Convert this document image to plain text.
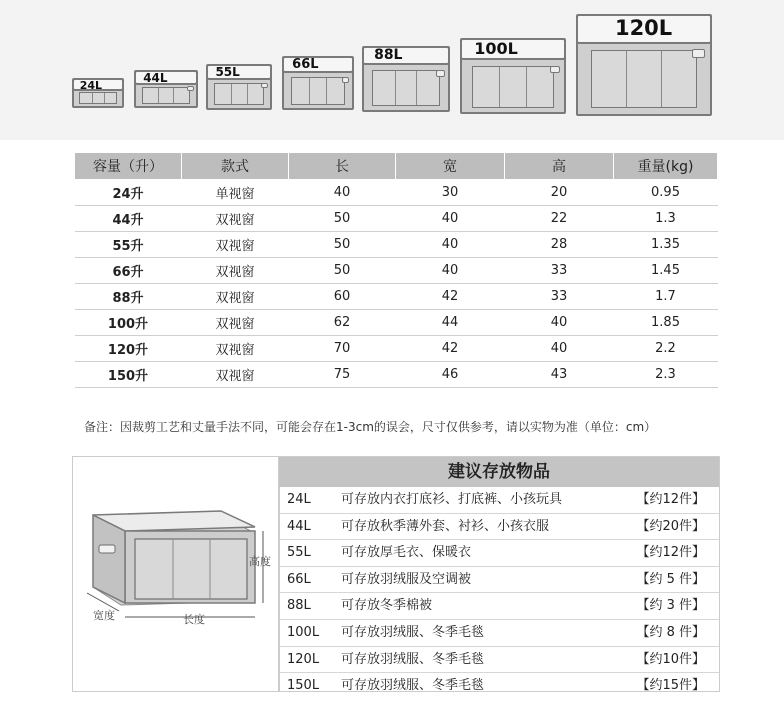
24L
44L	55L	66L
88L	100L
120L
容量（升）	款式	长	宽	高	重量(kg)
24升	单视窗	40	30	20	0.95
44升	双视窗	50	40	22	1.3
55升	双视窗	50	40	28	1.35
66升	双视窗	50	40	33	1.45
88升	双视窗	60	42	33	1.7
100升	双视窗	62	44	40	1.85
120升	双视窗	70	42	40	2.2
150升	双视窗	75	46	43	2.3
备注：因裁剪工艺和丈量手法不同，可能会存在1-3cm的误会，尺寸仅供参考，请以实物为准（单位：cm）
高度
宽度	长度
建议存放物品
24L 可存放内衣打底衫、打底裤、小孩玩具	【约12件】
44L 可存放秋季薄外套、衬衫、小孩衣服	【约20件】
55L 可存放厚毛衣、保暖衣	【约12件】
66L 可存放羽绒服及空调被	【约 5 件】
88L 可存放冬季棉被	【约 3 件】
100L 可存放羽绒服、冬季毛毯	【约 8 件】
120L 可存放羽绒服、冬季毛毯	【约10件】
150L 可存放羽绒服、冬季毛毯	【约15件】
